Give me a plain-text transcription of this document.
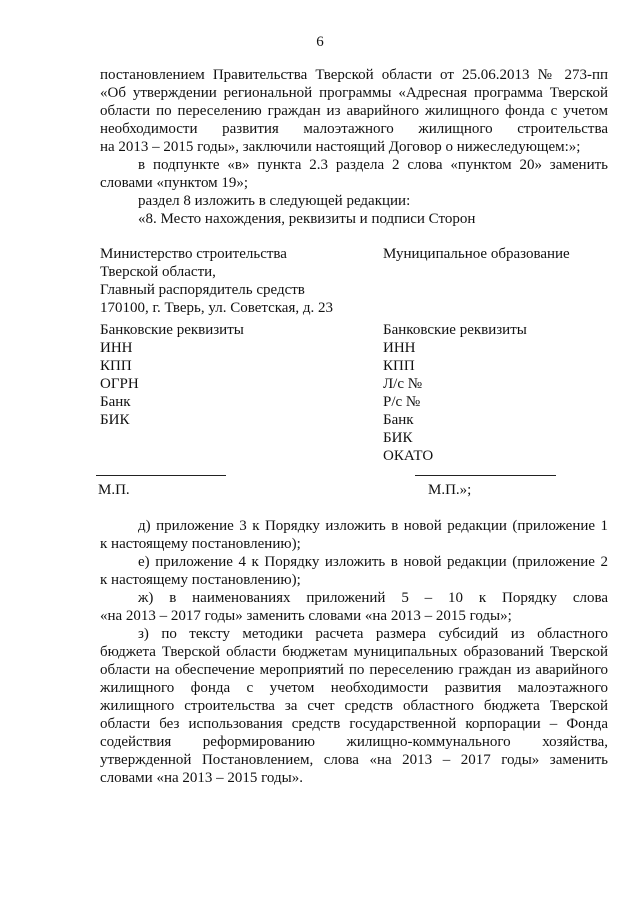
6
постановлением Правительства Тверской области от 25.06.2013 № 273-пп
«Об утверждении региональной программы «Адресная программа Тверской
области по переселению граждан из аварийного жилищного фонда с учетом
необходимости развития малоэтажного жилищного строительства
на 2013 – 2015 годы», заключили настоящий Договор о нижеследующем:»;
в подпункте «в» пункта 2.3 раздела 2 слова «пунктом 20» заменить
словами «пунктом 19»;
раздел 8 изложить в следующей редакции:
«8. Место нахождения, реквизиты и подписи Сторон
Министерство строительства
Тверской области,
Главный распорядитель средств
170100, г. Тверь, ул. Советская, д. 23
Муниципальное образование
Банковские реквизиты
ИНН
КПП
ОГРН
Банк
БИК
Банковские реквизиты
ИНН
КПП
Л/с №
Р/с №
Банк
БИК
ОКАТО
М.П.	М.П.»;
д) приложение 3 к Порядку изложить в новой редакции (приложение 1
к настоящему постановлению);
е) приложение 4 к Порядку изложить в новой редакции (приложение 2
к настоящему постановлению);
ж) в наименованиях приложений 5 – 10 к Порядку слова
«на 2013 – 2017 годы» заменить словами «на 2013 – 2015 годы»;
з) по тексту методики расчета размера субсидий из областного
бюджета Тверской области бюджетам муниципальных образований Тверской
области на обеспечение мероприятий по переселению граждан из аварийного
жилищного фонда с учетом необходимости развития малоэтажного
жилищного строительства за счет средств областного бюджета Тверской
области без использования средств государственной корпорации – Фонда
содействия реформированию жилищно-коммунального хозяйства,
утвержденной Постановлением, слова «на 2013 – 2017 годы» заменить
словами «на 2013 – 2015 годы».
